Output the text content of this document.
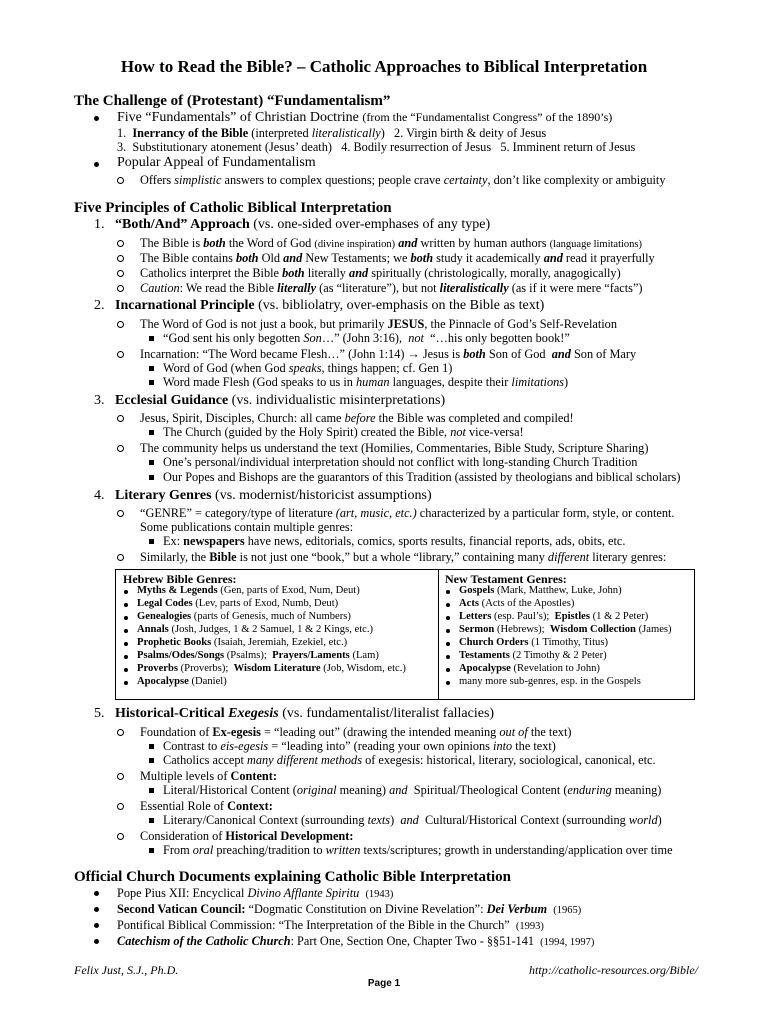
How to Read the Bible? – Catholic Approaches to Biblical Interpretation
The Challenge of (Protestant) “Fundamentalism”
Five “Fundamentals” of Christian Doctrine (from the “Fundamentalist Congress” of the 1890’s)
1. Inerrancy of the Bible (interpreted literalistically) 2. Virgin birth & deity of Jesus
3. Substitutionary atonement (Jesus’ death) 4. Bodily resurrection of Jesus 5. Imminent return of Jesus
Popular Appeal of Fundamentalism
Offers simplistic answers to complex questions; people crave certainty, don’t like complexity or ambiguity
Five Principles of Catholic Biblical Interpretation
1. “Both/And” Approach (vs. one-sided over-emphases of any type)
The Bible is both the Word of God (divine inspiration) and written by human authors (language limitations)
The Bible contains both Old and New Testaments; we both study it academically and read it prayerfully
Catholics interpret the Bible both literally and spiritually (christologically, morally, anagogically)
Caution: We read the Bible literally (as “literature”), but not literalistically (as if it were mere “facts”)
2. Incarnational Principle (vs. bibliolatry, over-emphasis on the Bible as text)
The Word of God is not just a book, but primarily JESUS, the Pinnacle of God’s Self-Revelation
“God sent his only begotten Son…” (John 3:16), not “…his only begotten book!”
Incarnation: “The Word became Flesh…” (John 1:14) → Jesus is both Son of God and Son of Mary
Word of God (when God speaks, things happen; cf. Gen 1)
Word made Flesh (God speaks to us in human languages, despite their limitations)
3. Ecclesial Guidance (vs. individualistic misinterpretations)
Jesus, Spirit, Disciples, Church: all came before the Bible was completed and compiled!
The Church (guided by the Holy Spirit) created the Bible, not vice-versa!
The community helps us understand the text (Homilies, Commentaries, Bible Study, Scripture Sharing)
One’s personal/individual interpretation should not conflict with long-standing Church Tradition
Our Popes and Bishops are the guarantors of this Tradition (assisted by theologians and biblical scholars)
4. Literary Genres (vs. modernist/historicist assumptions)
“GENRE” = category/type of literature (art, music, etc.) characterized by a particular form, style, or content.
Some publications contain multiple genres:
Ex: newspapers have news, editorials, comics, sports results, financial reports, ads, obits, etc.
Similarly, the Bible is not just one “book,” but a whole “library,” containing many different literary genres:
Hebrew Bible Genres:	New Testament Genres:
Myths & Legends (Gen, parts of Exod, Num, Deut)
Legal Codes (Lev, parts of Exod, Numb, Deut)
Genealogies (parts of Genesis, much of Numbers)
Annals (Josh, Judges, 1 & 2 Samuel, 1 & 2 Kings, etc.)
Prophetic Books (Isaiah, Jeremiah, Ezekiel, etc.)
Psalms/Odes/Songs (Psalms); Prayers/Laments (Lam)
Proverbs (Proverbs); Wisdom Literature (Job, Wisdom, etc.)
Apocalypse (Daniel)
Gospels (Mark, Matthew, Luke, John)
Acts (Acts of the Apostles)
Letters (esp. Paul’s); Epistles (1 & 2 Peter)
Sermon (Hebrews); Wisdom Collection (James)
Church Orders (1 Timothy, Titus)
Testaments (2 Timothy & 2 Peter)
Apocalypse (Revelation to John)
many more sub-genres, esp. in the Gospels
5. Historical-Critical Exegesis (vs. fundamentalist/literalist fallacies)
Foundation of Ex-egesis = “leading out” (drawing the intended meaning out of the text)
Contrast to eis-egesis = “leading into” (reading your own opinions into the text)
Catholics accept many different methods of exegesis: historical, literary, sociological, canonical, etc.
Multiple levels of Content:
Literal/Historical Content (original meaning) and Spiritual/Theological Content (enduring meaning)
Essential Role of Context:
Literary/Canonical Context (surrounding texts) and Cultural/Historical Context (surrounding world)
Consideration of Historical Development:
From oral preaching/tradition to written texts/scriptures; growth in understanding/application over time
Official Church Documents explaining Catholic Bible Interpretation
Pope Pius XII: Encyclical Divino Afflante Spiritu (1943)
Second Vatican Council: “Dogmatic Constitution on Divine Revelation”: Dei Verbum (1965)
Pontifical Biblical Commission: “The Interpretation of the Bible in the Church” (1993)
Catechism of the Catholic Church: Part One, Section One, Chapter Two - §§51-141 (1994, 1997)
Felix Just, S.J., Ph.D.	http://catholic-resources.org/Bible/
Page 1
